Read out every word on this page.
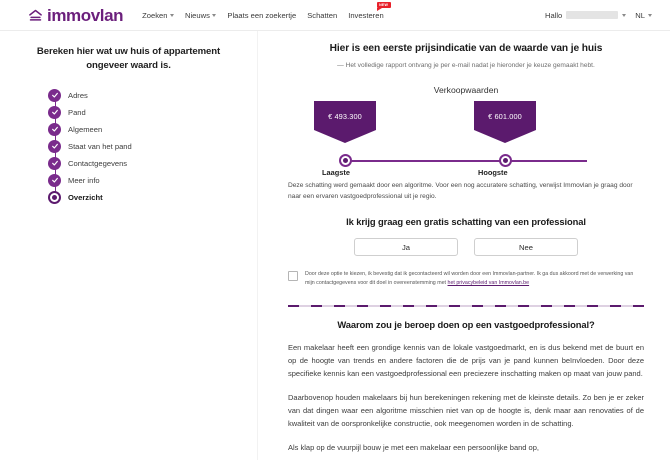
immovlan	Zoeken Nieuws Plaats een zoekertje Schatten Investeren
NEW
Hallo	NL
Bereken hier wat uw huis of appartement ongeveer waard is.
Adres
Pand
Algemeen
Staat van het pand
Contactgegevens
Meer info
Overzicht
Hier is een eerste prijsindicatie van de waarde van je huis
— Het volledige rapport ontvang je per e-mail nadat je hieronder je keuze gemaakt hebt.
Verkoopwaarden
€ 493.300	€ 601.000
Laagste	Hoogste
Deze schatting werd gemaakt door een algoritme. Voor een nog accuratere schatting, verwijst Immovlan je graag door naar een ervaren vastgoedprofessional uit je regio.
Ik krijg graag een gratis schatting van een professional
Ja	Nee
Door deze optie te kiezen, ik bevestig dat ik gecontacteerd wil worden door een Immovlan-partner. Ik ga dus akkoord met de verwerking van mijn contactgegevens voor dit doel in overeenstemming met het privacybeleid van Immovlan.be
Waarom zou je beroep doen op een vastgoedprofessional?
Een makelaar heeft een grondige kennis van de lokale vastgoedmarkt, en is dus bekend met de buurt en op de hoogte van trends en andere factoren die de prijs van je pand kunnen beïnvloeden. Door deze specifieke kennis kan een vastgoedprofessional een preciezere inschatting maken op maat van jouw pand.
Daarbovenop houden makelaars bij hun berekeningen rekening met de kleinste details. Zo ben je er zeker van dat dingen waar een algoritme misschien niet van op de hoogte is, denk maar aan renovaties of de kwaliteit van de oorspronkelijke constructie, ook meegenomen worden in de schatting.
Als klap op de vuurpijl bouw je met een makelaar een persoonlijke band op,
